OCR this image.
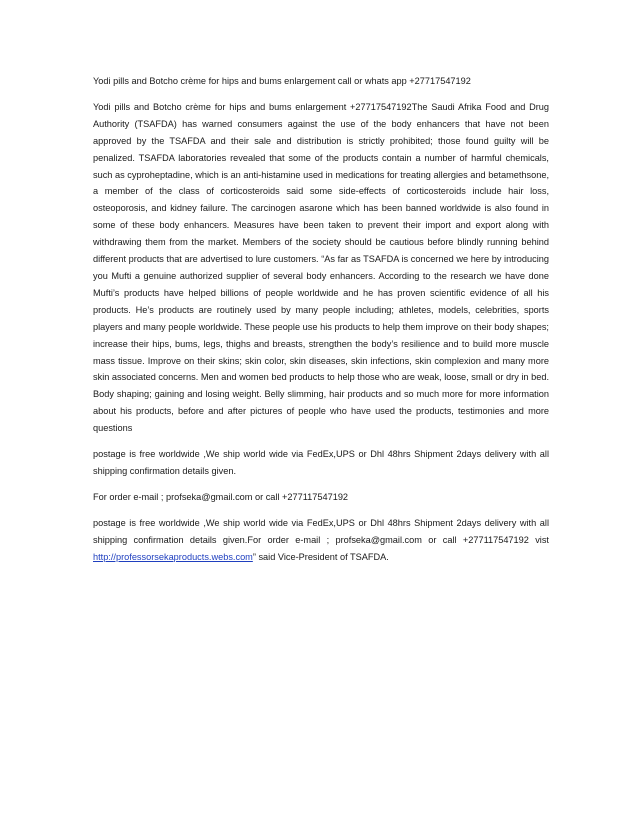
Yodi pills and Botcho crème for hips and bums enlargement call or whats app +27717547192

Yodi pills and Botcho crème for hips and bums enlargement +27717547192The Saudi Afrika Food and Drug Authority (TSAFDA) has warned consumers against the use of the body enhancers that have not been approved by the TSAFDA and their sale and distribution is strictly prohibited; those found guilty will be penalized. TSAFDA laboratories revealed that some of the products contain a number of harmful chemicals, such as cyproheptadine, which is an anti-histamine used in medications for treating allergies and betamethsone, a member of the class of corticosteroids said some side-effects of corticosteroids include hair loss, osteoporosis, and kidney failure. The carcinogen asarone which has been banned worldwide is also found in some of these body enhancers. Measures have been taken to prevent their import and export along with withdrawing them from the market. Members of the society should be cautious before blindly running behind different products that are advertised to lure customers. “As far as TSAFDA is concerned we here by introducing you Mufti a genuine authorized supplier of several body enhancers. According to the research we have done Mufti’s products have helped billions of people worldwide and he has proven scientific evidence of all his products. He’s products are routinely used by many people including; athletes, models, celebrities, sports players and many people worldwide. These people use his products to help them improve on their body shapes; increase their hips, bums, legs, thighs and breasts, strengthen the body’s resilience and to build more muscle mass tissue. Improve on their skins; skin color, skin diseases, skin infections, skin complexion and many more skin associated concerns. Men and women bed products to help those who are weak, loose, small or dry in bed. Body shaping; gaining and losing weight. Belly slimming, hair products and so much more for more information about his products, before and after pictures of people who have used the products, testimonies and more questions

postage is free worldwide ,We ship world wide via FedEx,UPS or Dhl 48hrs Shipment 2days delivery with all shipping confirmation details given.

For order e-mail ; profseka@gmail.com or call +277117547192

postage is free worldwide ,We ship world wide via FedEx,UPS or Dhl 48hrs Shipment 2days delivery with all shipping confirmation details given.For order e-mail ; profseka@gmail.com or call +277117547192 vist http://professorsekaproducts.webs.com” said Vice-President of TSAFDA.
